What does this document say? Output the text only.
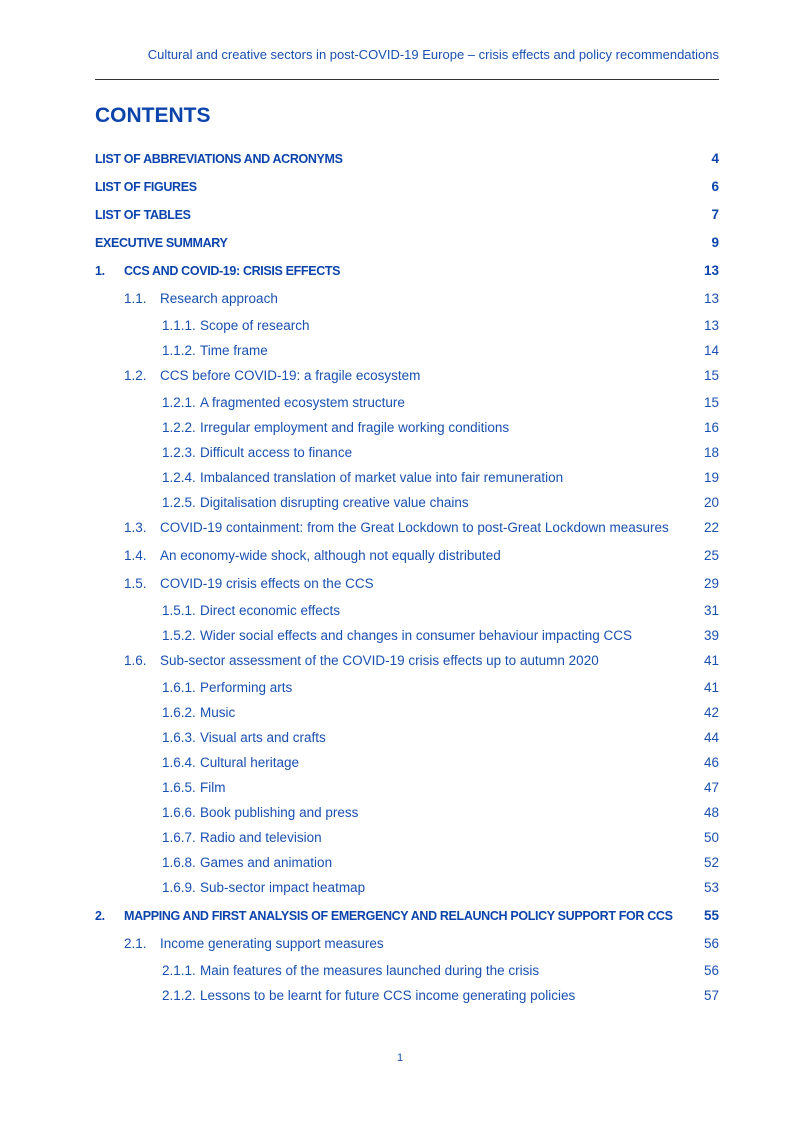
Cultural and creative sectors in post-COVID-19 Europe – crisis effects and policy recommendations
CONTENTS
LIST OF ABBREVIATIONS AND ACRONYMS	4
LIST OF FIGURES	6
LIST OF TABLES	7
EXECUTIVE SUMMARY	9
1. CCS AND COVID-19: CRISIS EFFECTS	13
1.1. Research approach	13
1.1.1. Scope of research	13
1.1.2. Time frame	14
1.2. CCS before COVID-19: a fragile ecosystem	15
1.2.1. A fragmented ecosystem structure	15
1.2.2. Irregular employment and fragile working conditions	16
1.2.3. Difficult access to finance	18
1.2.4. Imbalanced translation of market value into fair remuneration	19
1.2.5. Digitalisation disrupting creative value chains	20
1.3. COVID-19 containment: from the Great Lockdown to post-Great Lockdown measures	22
1.4. An economy-wide shock, although not equally distributed	25
1.5. COVID-19 crisis effects on the CCS	29
1.5.1. Direct economic effects	31
1.5.2. Wider social effects and changes in consumer behaviour impacting CCS	39
1.6. Sub-sector assessment of the COVID-19 crisis effects up to autumn 2020	41
1.6.1. Performing arts	41
1.6.2. Music	42
1.6.3. Visual arts and crafts	44
1.6.4. Cultural heritage	46
1.6.5. Film	47
1.6.6. Book publishing and press	48
1.6.7. Radio and television	50
1.6.8. Games and animation	52
1.6.9. Sub-sector impact heatmap	53
2. MAPPING AND FIRST ANALYSIS OF EMERGENCY AND RELAUNCH POLICY SUPPORT FOR CCS 55
2.1. Income generating support measures	56
2.1.1. Main features of the measures launched during the crisis	56
2.1.2. Lessons to be learnt for future CCS income generating policies	57
1
